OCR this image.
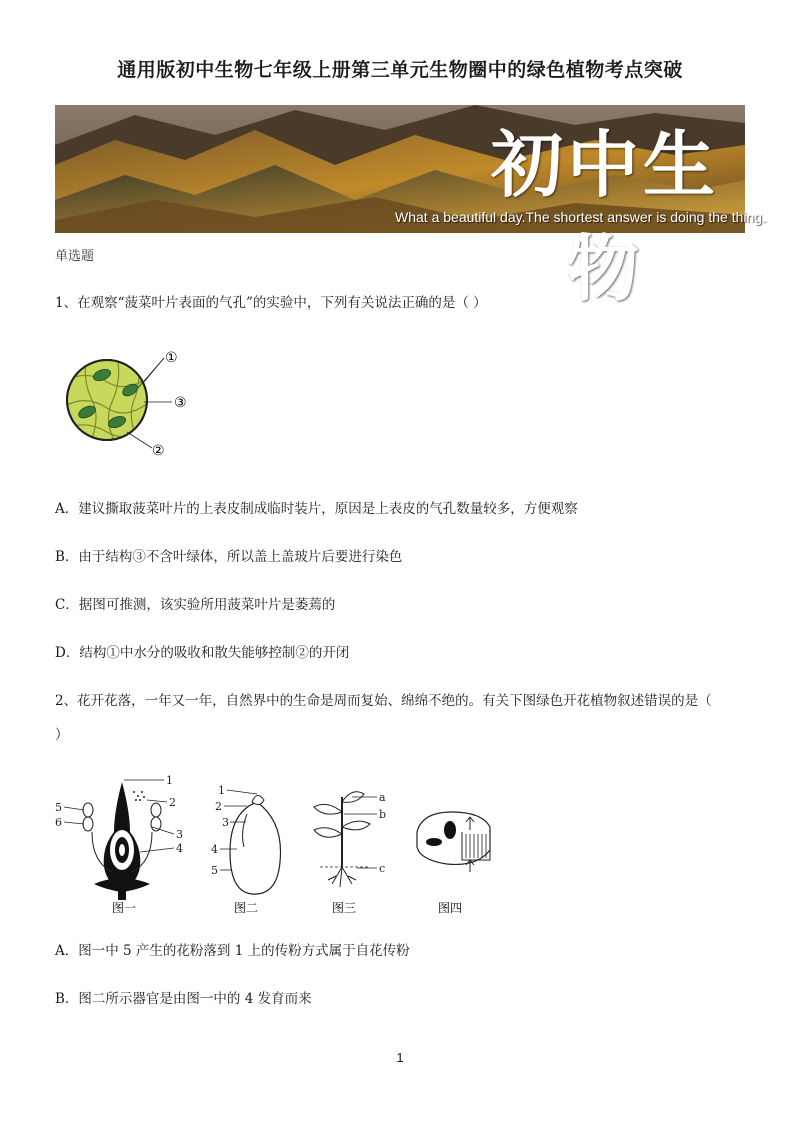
通用版初中生物七年级上册第三单元生物圈中的绿色植物考点突破
初中生物
What a beautiful day.The shortest answer is doing the thing.
单选题
1、在观察“菠菜叶片表面的气孔”的实验中，下列有关说法正确的是（ ）
①
③
②
A．建议撕取菠菜叶片的上表皮制成临时装片，原因是上表皮的气孔数量较多，方便观察
B．由于结构③不含叶绿体，所以盖上盖玻片后要进行染色
C．据图可推测，该实验所用菠菜叶片是萎蔫的
D．结构①中水分的吸收和散失能够控制②的开闭
2、花开花落，一年又一年，自然界中的生命是周而复始、绵绵不绝的。有关下图绿色开花植物叙述错误的是（
）
1
2
3
4
5
6
1
2
3
4
5
a
b
c
图一	图二	图三	图四
A．图一中 5 产生的花粉落到 1 上的传粉方式属于自花传粉
B．图二所示器官是由图一中的 4 发育而来
1
